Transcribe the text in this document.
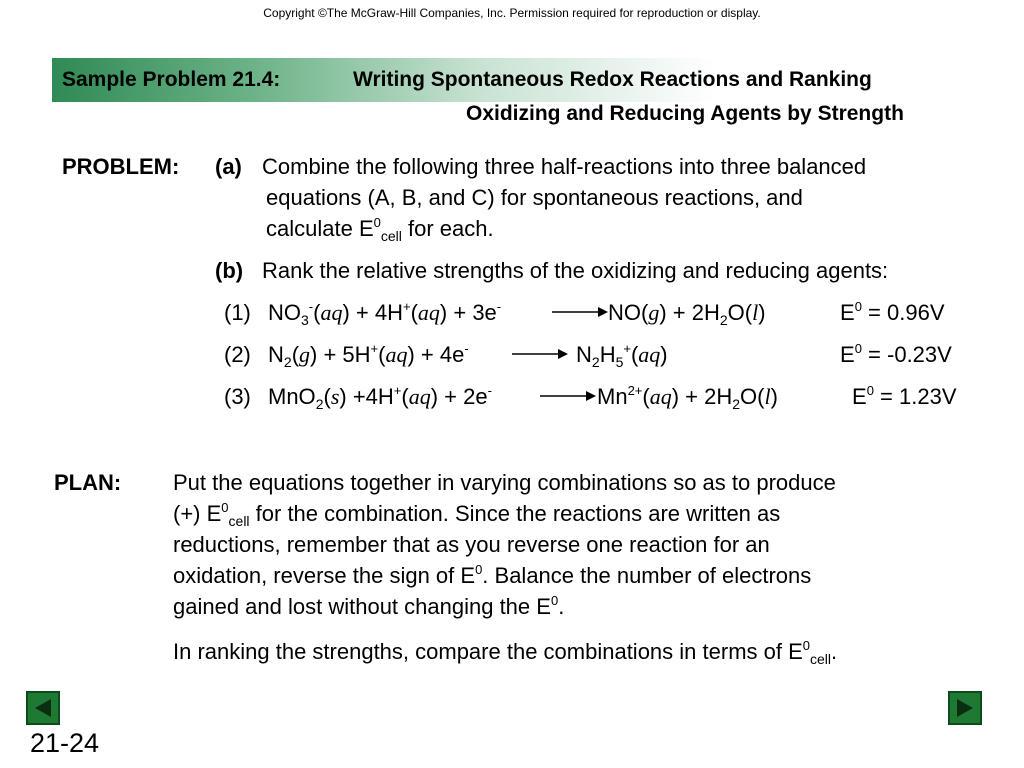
Copyright ©The McGraw-Hill Companies, Inc. Permission required for reproduction or display.
Sample Problem 21.4:	Writing Spontaneous Redox Reactions and Ranking
Oxidizing and Reducing Agents by Strength
PROBLEM: (a) Combine the following three half-reactions into three balanced
equations (A, B, and C) for spontaneous reactions, and
calculate $E^0_{cell}$ for each.
(b) Rank the relative strengths of the oxidizing and reducing agents:
(1) $NO_3^-(aq) + 4H^+(aq) + 3e^-$	→ $NO(g) + 2H_2O(l)$	$E^0 = 0.96V$
(2) $N_2(g) + 5H^+(aq) + 4e^-$	→ $N_2H_5^+(aq)$	$E^0 = -0.23V$
(3) MnO$_2$(s) +4H+(aq) + 2e-	→ $Mn^{2+}(aq) + 2H_2O(l)$	$E^0 = 1.23V$
PLAN: Put the equations together in varying combinations so as to produce
(+) $E^0_{cell}$ for the combination. Since the reactions are written as
reductions, remember that as you reverse one reaction for an
oxidation, reverse the sign of $E^0$. Balance the number of electrons
gained and lost without changing the $E^0$.
In ranking the strengths, compare the combinations in terms of $E^0_{cell}$.
21-24
